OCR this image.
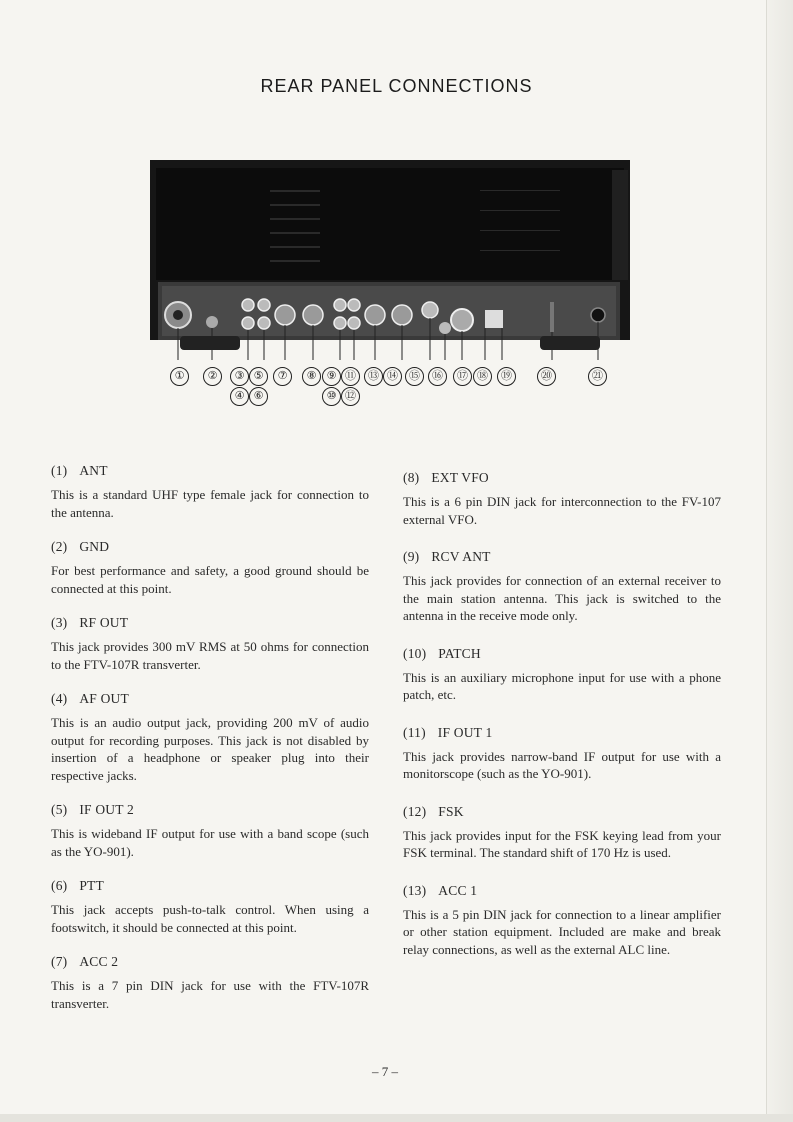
REAR PANEL CONNECTIONS
①	②	③ ⑤	⑦	⑧ ⑨ ⑪	⑬ ⑭	⑮	⑯	⑰ ⑱	⑲	⑳	㉑
④ ⑥	⑩ ⑫
(1) ANT
This is a standard UHF type female jack for connection to the antenna.
(2) GND
For best performance and safety, a good ground should be connected at this point.
(3) RF OUT
This jack provides 300 mV RMS at 50 ohms for connection to the FTV-107R transverter.
(4) AF OUT
This is an audio output jack, providing 200 mV of audio output for recording purposes. This jack is not disabled by insertion of a headphone or speaker plug into their respective jacks.
(5) IF OUT 2
This is wideband IF output for use with a band scope (such as the YO-901).
(6) PTT
This jack accepts push-to-talk control. When using a footswitch, it should be connected at this point.
(7) ACC 2
This is a 7 pin DIN jack for use with the FTV-107R transverter.
(8) EXT VFO
This is a 6 pin DIN jack for interconnection to the FV-107 external VFO.
(9) RCV ANT
This jack provides for connection of an external receiver to the main station antenna. This jack is switched to the antenna in the receive mode only.
(10) PATCH
This is an auxiliary microphone input for use with a phone patch, etc.
(11) IF OUT 1
This jack provides narrow-band IF output for use with a monitorscope (such as the YO-901).
(12) FSK
This jack provides input for the FSK keying lead from your FSK terminal. The standard shift of 170 Hz is used.
(13) ACC 1
This is a 5 pin DIN jack for connection to a linear amplifier or other station equipment. Included are make and break relay connections, as well as the external ALC line.
– 7 –
